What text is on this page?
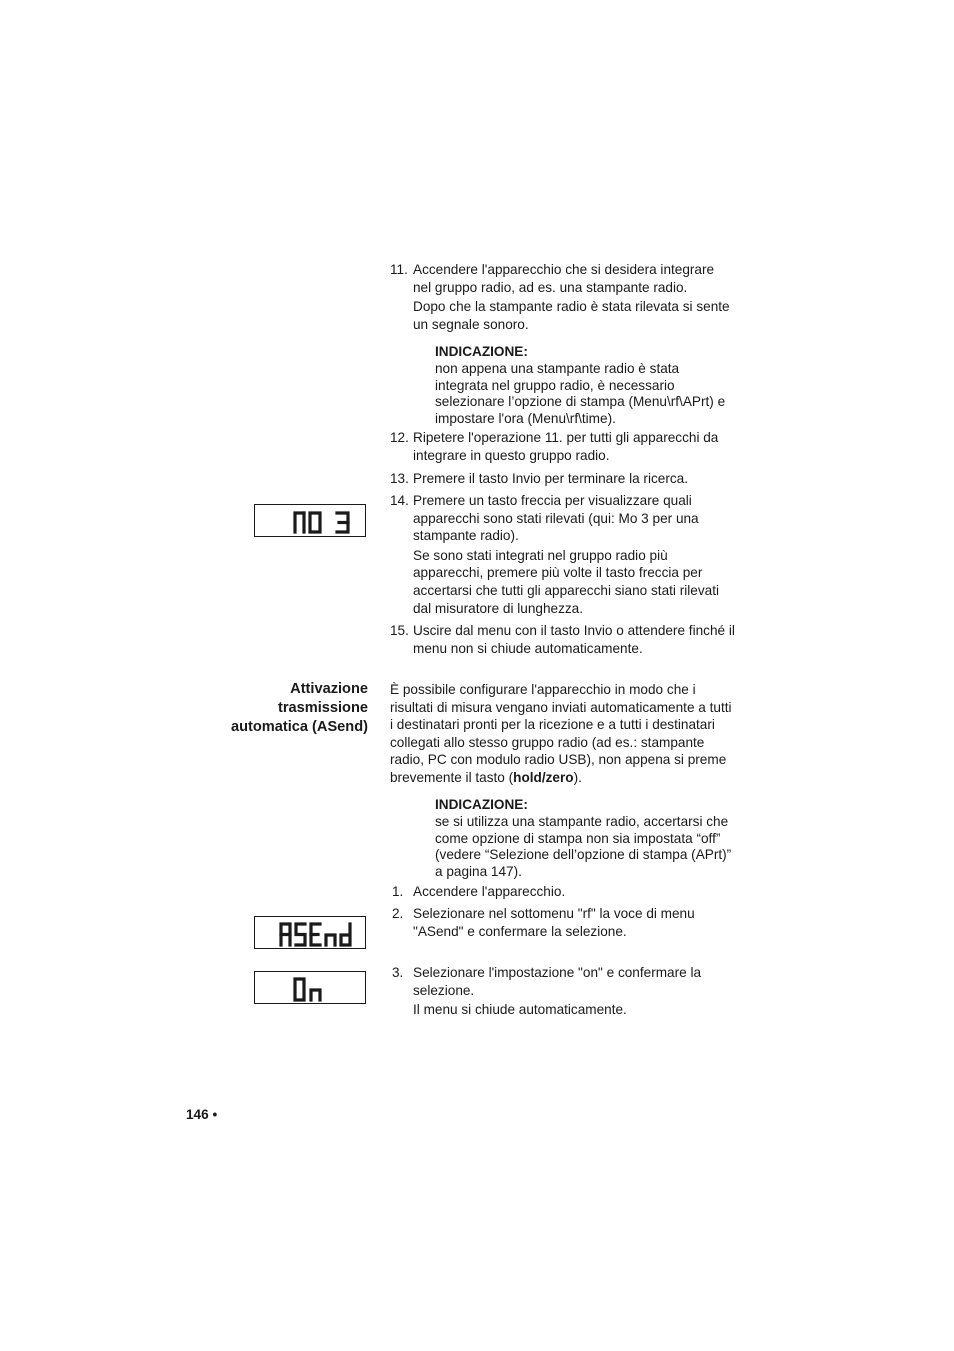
11. Accendere l'apparecchio che si desidera integrare nel gruppo radio, ad es. una stampante radio.

Dopo che la stampante radio è stata rilevata si sente un segnale sonoro.

INDICAZIONE:
non appena una stampante radio è stata integrata nel gruppo radio, è necessario selezionare l’opzione di stampa (Menu\rf\APrt) e impostare l'ora (Menu\rf\time).
12. Ripetere l'operazione 11. per tutti gli apparecchi da integrare in questo gruppo radio.

13. Premere il tasto Invio per terminare la ricerca.

14. Premere un tasto freccia per visualizzare quali apparecchi sono stati rilevati (qui: Mo 3 per una stampante radio).

Se sono stati integrati nel gruppo radio più apparecchi, premere più volte il tasto freccia per accertarsi che tutti gli apparecchi siano stati rilevati dal misuratore di lunghezza.

15. Uscire dal menu con il tasto Invio o attendere finché il menu non si chiude automaticamente.

Attivazione
trasmissione
automatica (ASend)
È possibile configurare l'apparecchio in modo che i risultati di misura vengano inviati automaticamente a tutti i destinatari pronti per la ricezione e a tutti i destinatari collegati allo stesso gruppo radio (ad es.: stampante radio, PC con modulo radio USB), non appena si preme brevemente il tasto (hold/zero).
INDICAZIONE:
se si utilizza una stampante radio, accertarsi che come opzione di stampa non sia impostata “off” (vedere “Selezione dell’opzione di stampa (APrt)” a pagina 147).
1. Accendere l'apparecchio.

2. Selezionare nel sottomenu "rf" la voce di menu "ASend" e confermare la selezione.

3. Selezionare l'impostazione "on" e confermare la selezione.

Il menu si chiude automaticamente.

146 •
